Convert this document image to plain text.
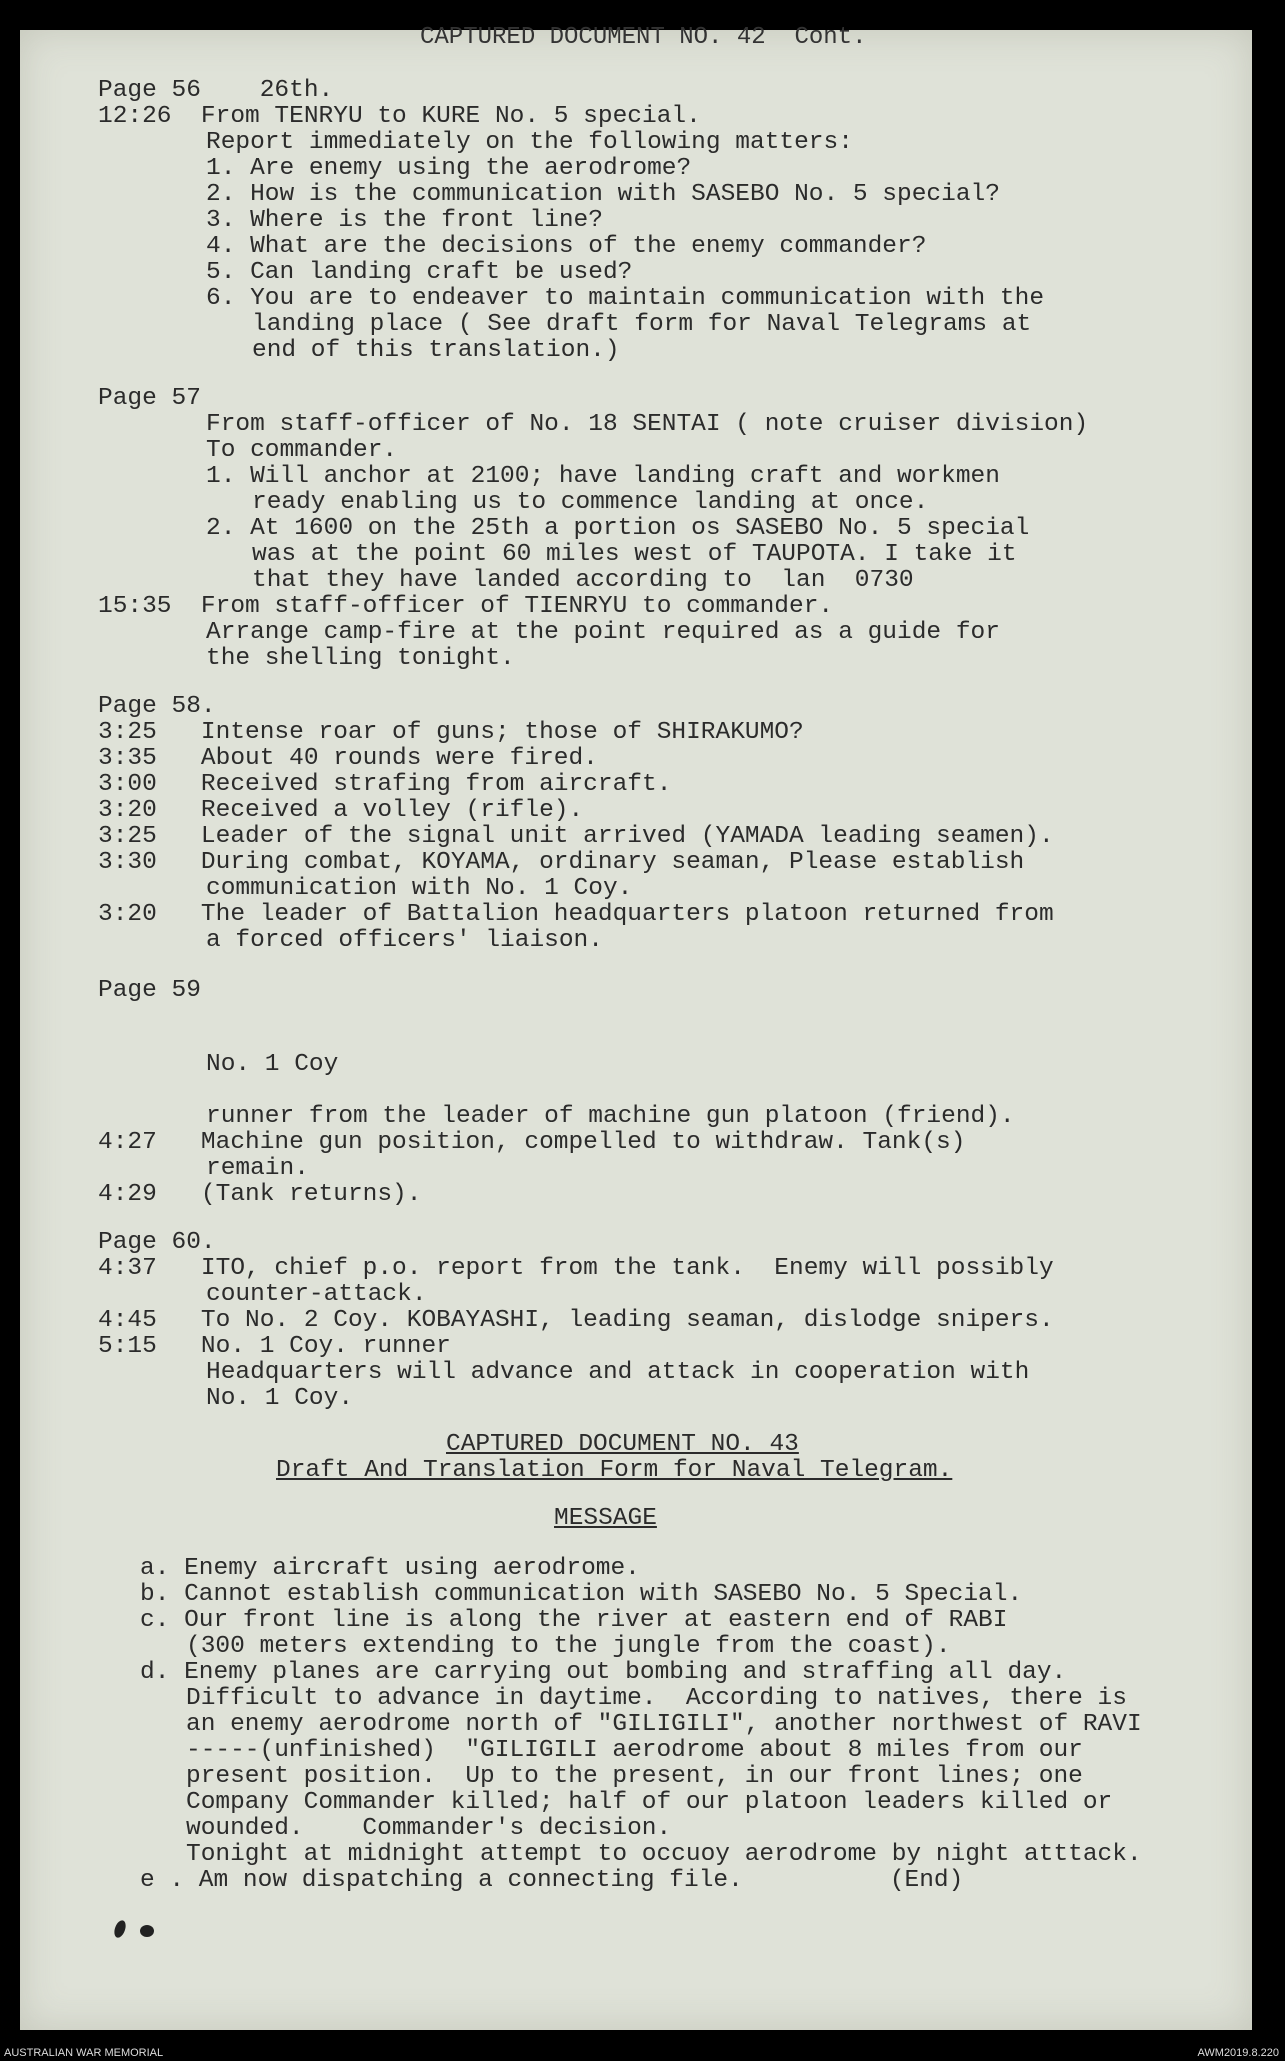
CAPTURED DOCUMENT NO. 42  Cont.
Page 56    26th.
12:26  From TENRYU to KURE No. 5 special.
Report immediately on the following matters:
1. Are enemy using the aerodrome?
2. How is the communication with SASEBO No. 5 special?
3. Where is the front line?
4. What are the decisions of the enemy commander?
5. Can landing craft be used?
6. You are to endeaver to maintain communication with the
landing place ( See draft form for Naval Telegrams at
end of this translation.)
Page 57
From staff-officer of No. 18 SENTAI ( note cruiser division)
To commander.
1. Will anchor at 2100; have landing craft and workmen
ready enabling us to commence landing at once.
2. At 1600 on the 25th a portion os SASEBO No. 5 special
was at the point 60 miles west of TAUPOTA. I take it
that they have landed according to  lan  0730
15:35  From staff-officer of TIENRYU to commander.
Arrange camp-fire at the point required as a guide for
the shelling tonight.
Page 58.
3:25   Intense roar of guns; those of SHIRAKUMO?
3:35   About 40 rounds were fired.
3:00   Received strafing from aircraft.
3:20   Received a volley (rifle).
3:25   Leader of the signal unit arrived (YAMADA leading seamen).
3:30   During combat, KOYAMA, ordinary seaman, Please establish
communication with No. 1 Coy.
3:20   The leader of Battalion headquarters platoon returned from
a forced officers' liaison.
Page 59
No. 1 Coy
runner from the leader of machine gun platoon (friend).
4:27   Machine gun position, compelled to withdraw. Tank(s)
remain.
4:29   (Tank returns).
Page 60.
4:37   ITO, chief p.o. report from the tank.  Enemy will possibly
counter-attack.
4:45   To No. 2 Coy. KOBAYASHI, leading seaman, dislodge snipers.
5:15   No. 1 Coy. runner
Headquarters will advance and attack in cooperation with
No. 1 Coy.
CAPTURED DOCUMENT NO. 43
Draft And Translation Form for Naval Telegram.
MESSAGE
a. Enemy aircraft using aerodrome.
b. Cannot establish communication with SASEBO No. 5 Special.
c. Our front line is along the river at eastern end of RABI
(300 meters extending to the jungle from the coast).
d. Enemy planes are carrying out bombing and straffing all day.
Difficult to advance in daytime.  According to natives, there is
an enemy aerodrome north of "GILIGILI", another northwest of RAVI
-----(unfinished)  "GILIGILI aerodrome about 8 miles from our
present position.  Up to the present, in our front lines; one
Company Commander killed; half of our platoon leaders killed or
wounded.    Commander's decision.
Tonight at midnight attempt to occuoy aerodrome by night atttack.
e . Am now dispatching a connecting file.          (End)
AUSTRALIAN WAR MEMORIAL	AWM2019.8.220
